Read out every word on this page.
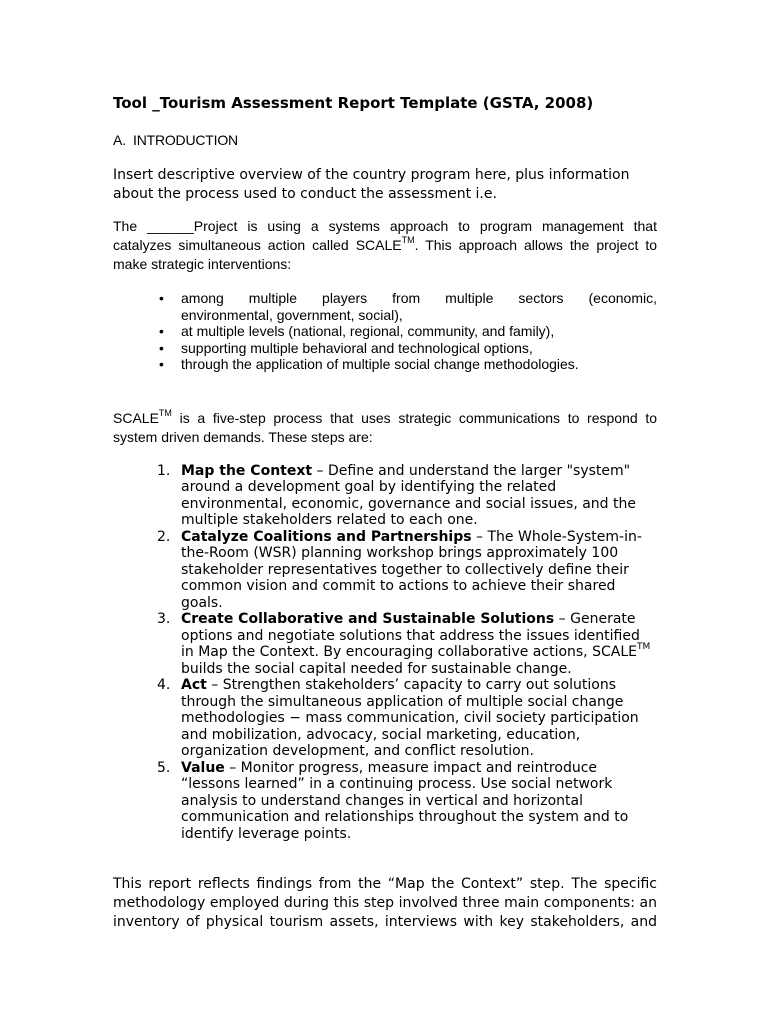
Tool _Tourism Assessment Report Template (GSTA, 2008)
A. INTRODUCTION

Insert descriptive overview of the country program here, plus information about the process used to conduct the assessment i.e.

The ______Project is using a systems approach to program management that catalyzes simultaneous action called SCALE™. This approach allows the project to make strategic interventions:

• among multiple players from multiple sectors (economic,
environmental, government, social),
• at multiple levels (national, regional, community, and family),
• supporting multiple behavioral and technological options,
• through the application of multiple social change methodologies.

SCALE™ is a five-step process that uses strategic communications to respond to system driven demands. These steps are:

1. Map the Context – Define and understand the larger "system" around a development goal by identifying the related environmental, economic, governance and social issues, and the multiple stakeholders related to each one.
2. Catalyze Coalitions and Partnerships – The Whole-System-in-the-Room (WSR) planning workshop brings approximately 100 stakeholder representatives together to collectively define their common vision and commit to actions to achieve their shared goals.
3. Create Collaborative and Sustainable Solutions – Generate options and negotiate solutions that address the issues identified in Map the Context. By encouraging collaborative actions, SCALE™ builds the social capital needed for sustainable change.
4. Act – Strengthen stakeholders’ capacity to carry out solutions through the simultaneous application of multiple social change methodologies − mass communication, civil society participation and mobilization, advocacy, social marketing, education, organization development, and conflict resolution.
5. Value – Monitor progress, measure impact and reintroduce “lessons learned” in a continuing process. Use social network analysis to understand changes in vertical and horizontal communication and relationships throughout the system and to identify leverage points.
This report reflects findings from the “Map the Context” step. The specific
methodology employed during this step involved three main components: an
inventory of physical tourism assets, interviews with key stakeholders, and
